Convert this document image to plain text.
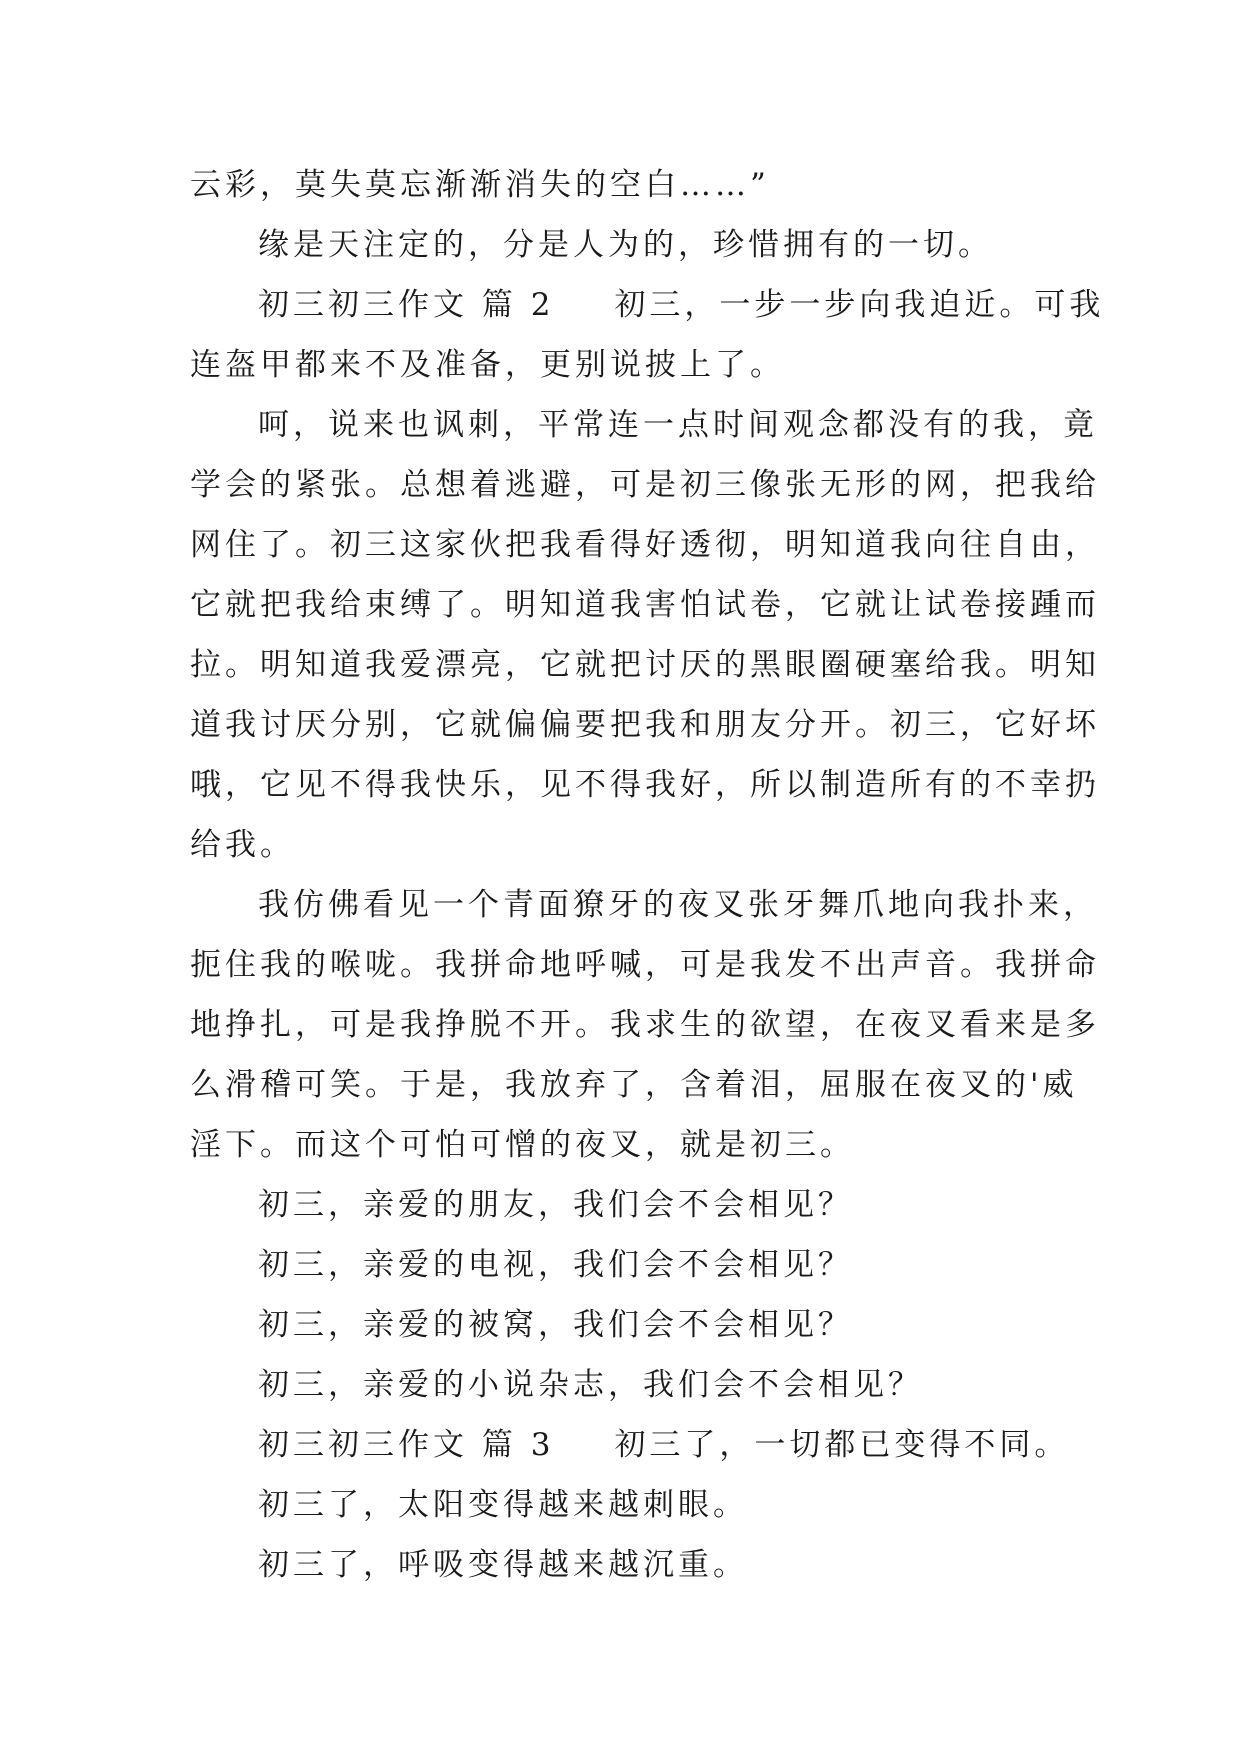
云彩，莫失莫忘渐渐消失的空白……”
缘是天注定的，分是人为的，珍惜拥有的一切。
初三初三作文 篇 2 初三，一步一步向我迫近。可我
连盔甲都来不及准备，更别说披上了。
呵，说来也讽刺，平常连一点时间观念都没有的我，竟
学会的紧张。总想着逃避，可是初三像张无形的网，把我给
网住了。初三这家伙把我看得好透彻，明知道我向往自由，
它就把我给束缚了。明知道我害怕试卷，它就让试卷接踵而
拉。明知道我爱漂亮，它就把讨厌的黑眼圈硬塞给我。明知
道我讨厌分别，它就偏偏要把我和朋友分开。初三，它好坏
哦，它见不得我快乐，见不得我好，所以制造所有的不幸扔
给我。
我仿佛看见一个青面獠牙的夜叉张牙舞爪地向我扑来，
扼住我的喉咙。我拼命地呼喊，可是我发不出声音。我拼命
地挣扎，可是我挣脱不开。我求生的欲望，在夜叉看来是多
么滑稽可笑。于是，我放弃了，含着泪，屈服在夜叉的'威
淫下。而这个可怕可憎的夜叉，就是初三。
初三，亲爱的朋友，我们会不会相见？
初三，亲爱的电视，我们会不会相见？
初三，亲爱的被窝，我们会不会相见？
初三，亲爱的小说杂志，我们会不会相见？
初三初三作文 篇 3 初三了，一切都已变得不同。
初三了，太阳变得越来越刺眼。
初三了，呼吸变得越来越沉重。
